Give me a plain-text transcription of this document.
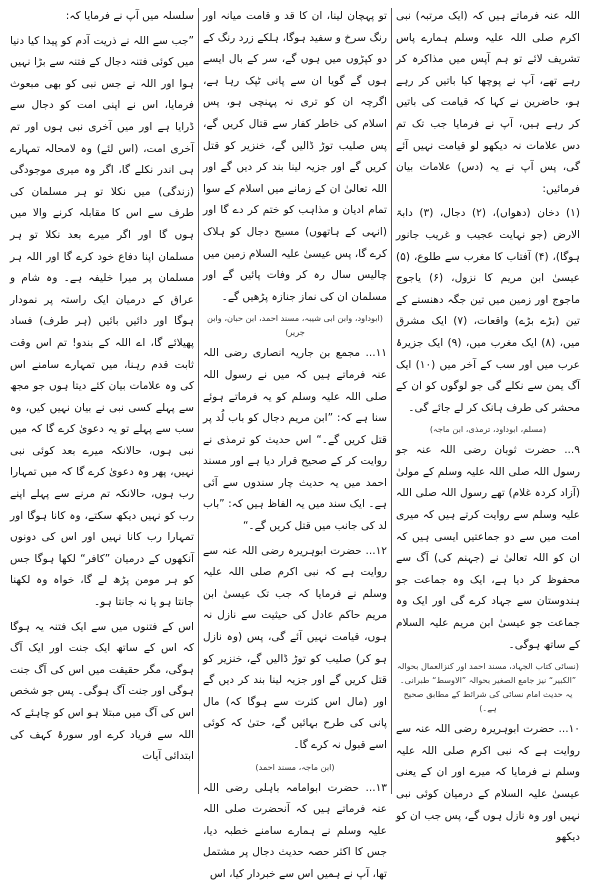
اللہ عنہ فرماتے ہیں کہ (ایک مرتبہ) نبی اکرم صلی اللہ علیہ وسلم ہمارے پاس تشریف لائے تو ہم آپس میں مذاکرہ کر رہے تھے، آپ نے پوچھا کیا باتیں کر رہے ہو، حاضرین نے کہا کہ قیامت کی باتیں کر رہے ہیں، آپ نے فرمایا جب تک تم دس علامات نہ دیکھو لو قیامت نہیں آئے گی، پس آپ نے یہ (دس) علامات بیان فرمائیں:

(۱) دخان (دھواں)، (۲) دجال، (۳) دابۃ الارض (جو نہایت عجیب و غریب جانور ہوگا)، (۴) آفتاب کا مغرب سے طلوع، (۵) عیسیٰ ابن مریم کا نزول، (۶) یاجوج ماجوج اور زمین میں تین جگہ دھنسنے کے تین (بڑے بڑے) واقعات، (۷) ایک مشرق میں، (۸) ایک مغرب میں، (۹) ایک جزیرۂ عرب میں اور سب کے آخر میں (۱۰) ایک آگ یمن سے نکلے گی جو لوگوں کو ان کے محشر کی طرف ہانک کر لے جائے گی۔

(مسلم، ابوداود، ترمذی، ابن ماجہ)

۹... حضرت ثوبان رضی اللہ عنہ جو رسول اللہ صلی اللہ علیہ وسلم کے مولیٰ (آزاد کردہ غلام) تھے رسول اللہ صلی اللہ علیہ وسلم سے روایت کرتے ہیں کہ میری امت میں سے دو جماعتیں ایسی ہیں کہ ان کو اللہ تعالیٰ نے (جہنم کی) آگ سے محفوظ کر دیا ہے، ایک وہ جماعت جو ہندوستان سے جہاد کرے گی اور ایک وہ جماعت جو عیسیٰ ابن مریم علیہ السلام کے ساتھ ہوگی۔

(نسائی کتاب الجہاد، مسند احمد اور کنزالعمال بحوالہ ”الکبیر“ نیز جامع الصغیر بحوالہ ”الاوسط“ طبرانی۔ یہ حدیث امام نسائی کی شرائط کے مطابق صحیح ہے۔)

۱۰... حضرت ابوہریرہ رضی اللہ عنہ سے روایت ہے کہ نبی اکرم صلی اللہ علیہ وسلم نے فرمایا کہ میرے اور ان کے یعنی عیسیٰ علیہ السلام کے درمیان کوئی نبی نہیں اور وہ نازل ہوں گے، پس جب ان کو دیکھو

تو پہچان لینا، ان کا قد و قامت میانہ اور رنگ سرخ و سفید ہوگا، ہلکے زرد رنگ کے دو کپڑوں میں ہوں گے، سر کے بال ایسے ہوں گے گویا ان سے پانی ٹپک رہا ہے، اگرچہ ان کو تری نہ پہنچی ہو، پس اسلام کی خاطر کفار سے قتال کریں گے، پس صلیب توڑ ڈالیں گے، خنزیر کو قتل کریں گے اور جزیہ لینا بند کر دیں گے اور اللہ تعالیٰ ان کے زمانے میں اسلام کے سوا تمام ادیان و مذاہب کو ختم کر دے گا اور (انہی کے ہاتھوں) مسیح دجال کو ہلاک کرے گا، پس عیسیٰ علیہ السلام زمین میں چالیس سال رہ کر وفات پائیں گے اور مسلمان ان کی نماز جنازہ پڑھیں گے۔

(ابوداود، وابن ابی شیبہ، مسند احمد، ابن حبان، وابن جریر)

۱۱... مجمع بن جاریہ انصاری رضی اللہ عنہ فرماتے ہیں کہ میں نے رسول اللہ صلی اللہ علیہ وسلم کو یہ فرماتے ہوئے سنا ہے کہ: ”ابن مریم دجال کو باب لُد پر قتل کریں گے۔“ اس حدیث کو ترمذی نے روایت کر کے صحیح قرار دیا ہے اور مسند احمد میں یہ حدیث چار سندوں سے آئی ہے۔ ایک سند میں یہ الفاظ ہیں کہ: ”باب لد کی جانب میں قتل کریں گے۔“

۱۲... حضرت ابوہریرہ رضی اللہ عنہ سے روایت ہے کہ نبی اکرم صلی اللہ علیہ وسلم نے فرمایا کہ جب تک عیسیٰ ابن مریم حاکم عادل کی حیثیت سے نازل نہ ہوں، قیامت نہیں آئے گی، پس (وہ نازل ہو کر) صلیب کو توڑ ڈالیں گے، خنزیر کو قتل کریں گے اور جزیہ لینا بند کر دیں گے اور (مال اس کثرت سے ہوگا کہ) مال پانی کی طرح بہائیں گے، حتیٰ کہ کوئی اسے قبول نہ کرے گا۔

(ابن ماجہ، مسند احمد)

۱۳... حضرت ابوامامہ باہلی رضی اللہ عنہ فرماتے ہیں کہ آنحضرت صلی اللہ علیہ وسلم نے ہمارے سامنے خطبہ دیا، جس کا اکثر حصہ حدیث دجال پر مشتمل تھا، آپ نے ہمیں اس سے خبردار کیا، اس

سلسلہ میں آپ نے فرمایا کہ:

”جب سے اللہ نے ذریت آدم کو پیدا کیا دنیا میں کوئی فتنہ دجال کے فتنہ سے بڑا نہیں ہوا اور اللہ نے جس نبی کو بھی مبعوث فرمایا، اس نے اپنی امت کو دجال سے ڈرایا ہے اور میں آخری نبی ہوں اور تم آخری امت، (اس لئے) وہ لامحالہ تمہارے ہی اندر نکلے گا، اگر وہ میری موجودگی (زندگی) میں نکلا تو ہر مسلمان کی طرف سے اس کا مقابلہ کرنے والا میں ہوں گا اور اگر میرے بعد نکلا تو ہر مسلمان اپنا دفاع خود کرے گا اور اللہ ہر مسلمان پر میرا خلیفہ ہے۔ وہ شام و عراق کے درمیان ایک راستہ پر نمودار ہوگا اور دائیں بائیں (ہر طرف) فساد پھیلائے گا، اے اللہ کے بندو! تم اس وقت ثابت قدم رہنا، میں تمہارے سامنے اس کی وہ علامات بیان کئے دیتا ہوں جو مجھ سے پہلے کسی نبی نے بیان نہیں کیں، وہ سب سے پہلے تو یہ دعویٰ کرے گا کہ میں نبی ہوں، حالانکہ میرے بعد کوئی نبی نہیں، پھر وہ دعویٰ کرے گا کہ میں تمہارا رب ہوں، حالانکہ تم مرنے سے پہلے اپنے رب کو نہیں دیکھ سکتے، وہ کانا ہوگا اور تمہارا رب کانا نہیں اور اس کی دونوں آنکھوں کے درمیان ”کافر“ لکھا ہوگا جس کو ہر مومن پڑھ لے گا، خواہ وہ لکھنا جانتا ہو یا نہ جانتا ہو۔

اس کے فتنوں میں سے ایک فتنہ یہ ہوگا کہ اس کے ساتھ ایک جنت اور ایک آگ ہوگی، مگر حقیقت میں اس کی آگ جنت ہوگی اور جنت آگ ہوگی۔ پس جو شخص اس کی آگ میں مبتلا ہو اس کو چاہئے کہ اللہ سے فریاد کرے اور سورۂ کہف کی ابتدائی آیات
